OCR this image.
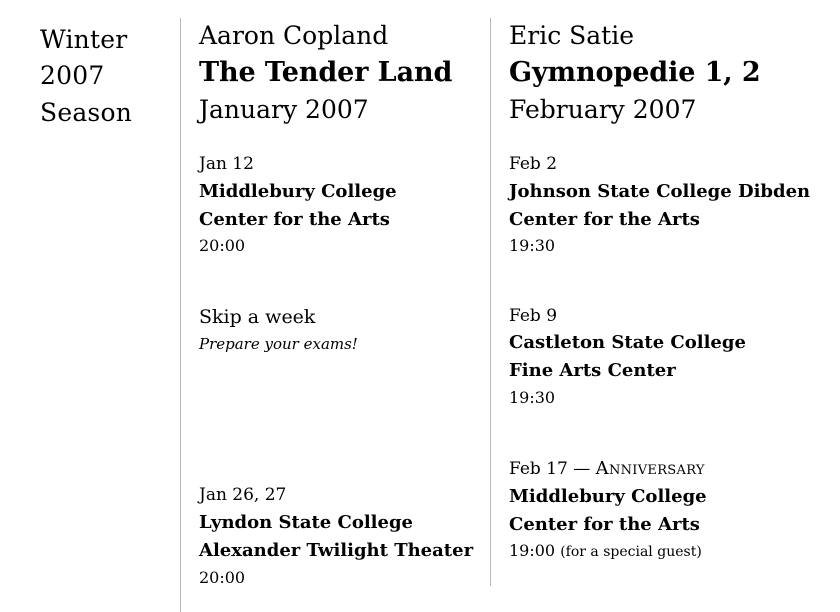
Winter
2007
Season
Aaron Copland
The Tender Land
January 2007
Jan 12
Middlebury College
Center for the Arts
20:00
Skip a week
Prepare your exams!
Jan 26, 27
Lyndon State College
Alexander Twilight Theater
20:00
Eric Satie
Gymnopedie 1, 2
February 2007
Feb 2
Johnson State College Dibden
Center for the Arts
19:30
Feb 9
Castleton State College
Fine Arts Center
19:30
Feb 17 — Anniversary
Middlebury College
Center for the Arts
19:00 (for a special guest)
